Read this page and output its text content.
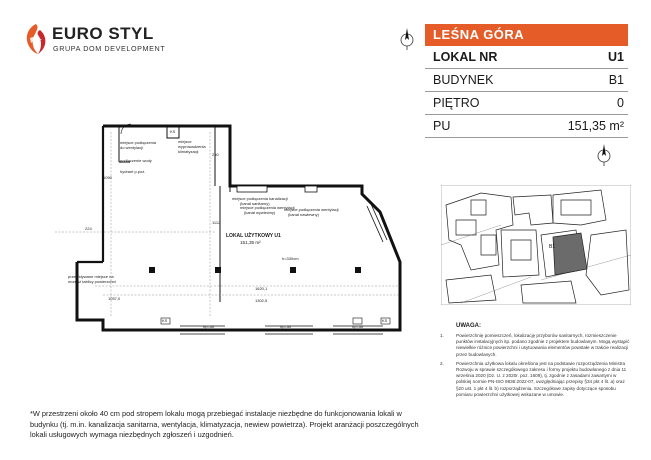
EURO STYL
GRUPA DOM DEVELOPMENT
LEŚNA GÓRA
LOKAL NR	U1
BUDYNEK	B1
PIĘTRO	0
PU	151,35 m²
B1
KS
miejsce podłączenia do wentylacji
podłączenie wody
hydrant p.poż.
miejsce wyprowadzenia klimatyzacji
miejsce podłączenia kanalizacji
(kanał sanitarny)
miejsce podłączenia wentylacji
(kanał wywiewny)
miejsce podłączenia wentylacji
(kanał nawiewny)
LOKAL UŻYTKOWY U1
151,35 m²
h=330cm
przewidywane miejsce na montaż tablicy powierzchni
224
1057,0	1302,5
1620,1
1112
1090
250
hp=50	hp=50	hp=50
KS	KS
UWAGA:
1.	Powierzchnię pomieszczeń, lokalizację przyborów sanitarnych, rozmieszczenie punktów instalacyjnych itp. podano zgodnie z projektem budowlanym. Mogą wystąpić niewielkie różnice powierzchni i usytuowania elementów powstałe w trakcie realizacji przez budowlanych.
2.	Powierzchnia użytkowa lokalu określona jest na podstawie rozporządzenia Ministra Rozwoju w sprawie szczegółowego zakresu i formy projektu budowlanego z dnia 11 września 2020 (Dz. U. z 2020r. poz. 1609), tj. zgodnie z zasadami zawartymi w polskiej normie PN-ISO 9836:2022-07, uwzględniając przepisy §34 pkt 4 lit. a) oraz §20 ust. 1 pkt 4 lit. b) rozporządzenia. Szczegółowe zapisy dotyczące sposobu pomiaru powierzchni użytkowej wskazane w umowie.
*W przestrzeni około 40 cm pod stropem lokalu mogą przebiegać instalacje niezbędne do funkcjonowania lokali w budynku (tj. m.in. kanalizacja sanitarna, wentylacja, klimatyzacja, newiew powietrza). Projekt aranżacji poszczególnych lokali usługowych wymaga niezbędnych zgłoszeń i uzgodnień.
